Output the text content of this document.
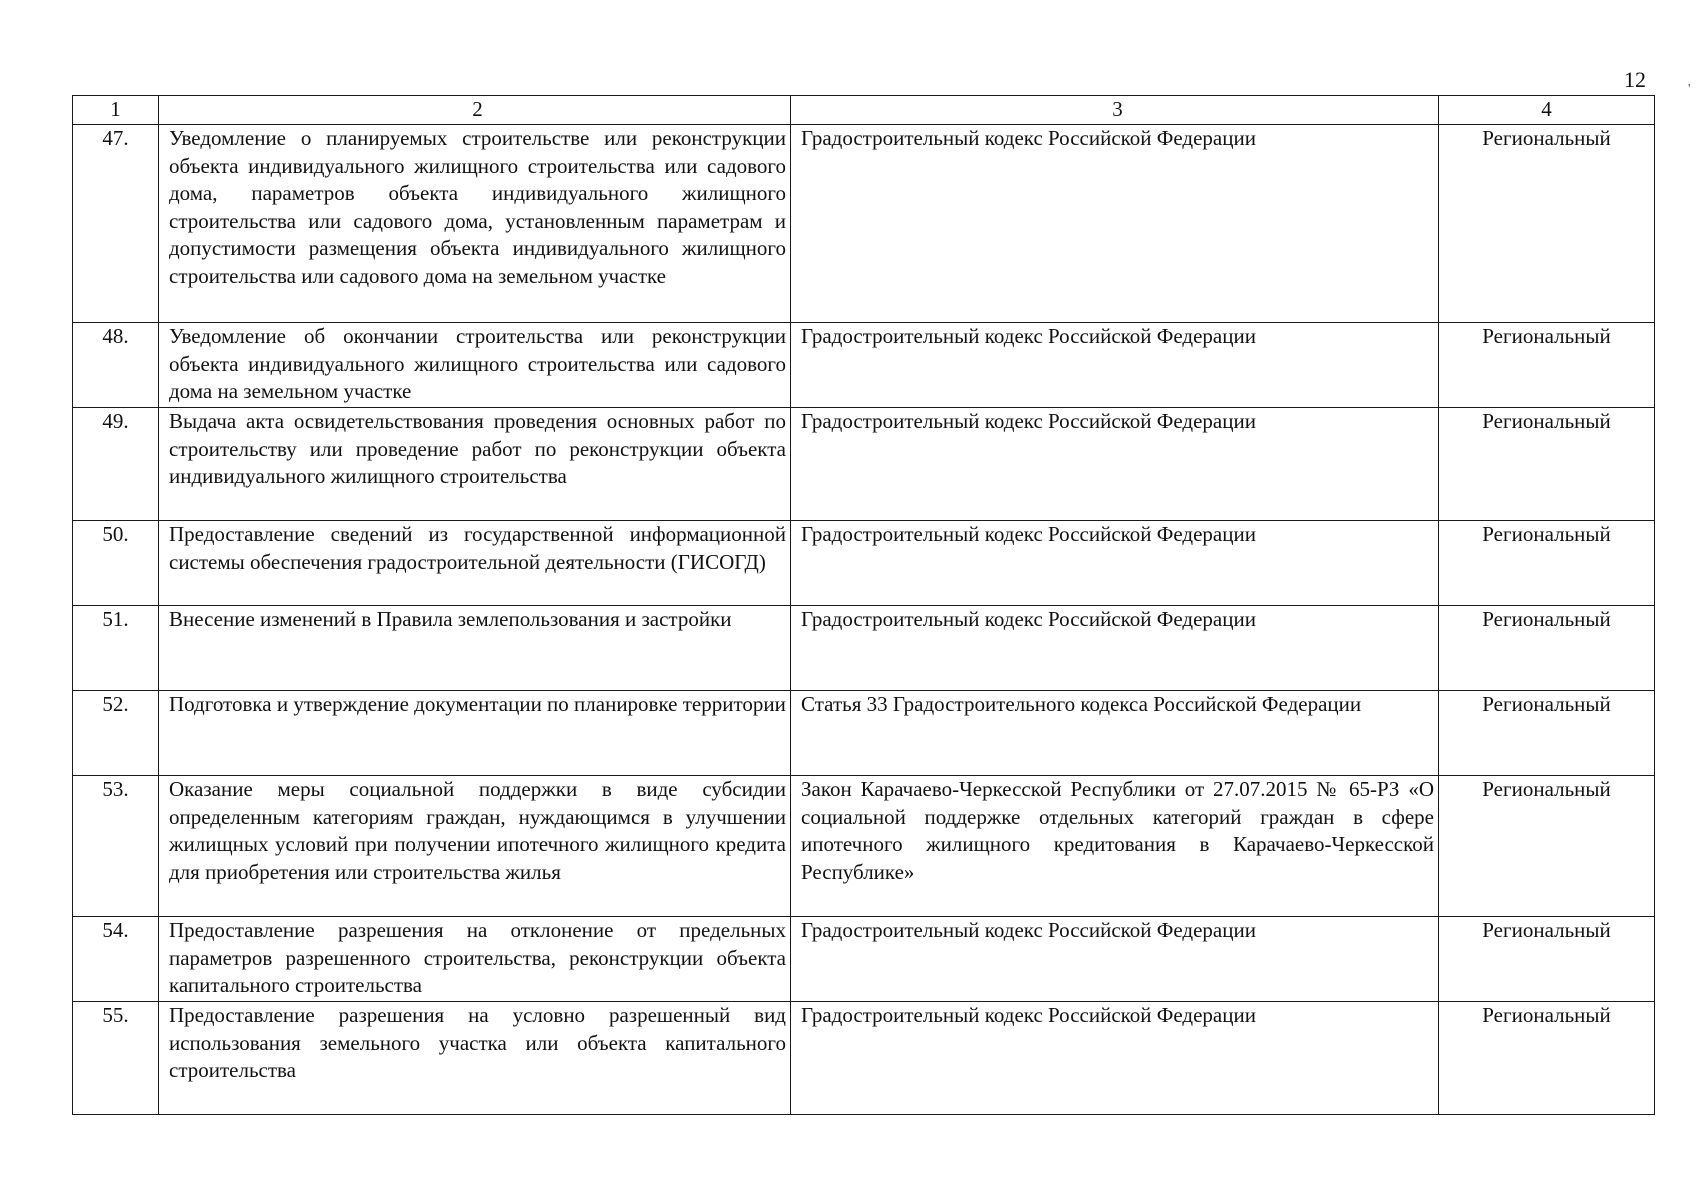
12	'
1	2	3	4
47.	Уведомление о планируемых строительстве или реконструкции объекта индивидуального жилищного строительства или садового дома, параметров объекта индивидуального жилищного строительства или садового дома, установленным параметрам и допустимости размещения объекта индивидуального жилищного строительства или садового дома на земельном участке	Градостроительный кодекс Российской Федерации	Региональный
48.	Уведомление об окончании строительства или реконструкции объекта индивидуального жилищного строительства или садового дома на земельном участке	Градостроительный кодекс Российской Федерации	Региональный
49.	Выдача акта освидетельствования проведения основных работ по строительству или проведение работ по реконструкции объекта индивидуального жилищного строительства	Градостроительный кодекс Российской Федерации	Региональный
50.	Предоставление сведений из государственной информационной системы обеспечения градостроительной деятельности (ГИСОГД)	Градостроительный кодекс Российской Федерации	Региональный
51.	Внесение изменений в Правила землепользования и застройки	Градостроительный кодекс Российской Федерации	Региональный
52.	Подготовка и утверждение документации по планировке территории	Статья 33 Градостроительного кодекса Российской Федерации	Региональный
53.	Оказание меры социальной поддержки в виде субсидии определенным категориям граждан, нуждающимся в улучшении жилищных условий при получении ипотечного жилищного кредита для приобретения или строительства жилья	Закон Карачаево-Черкесской Республики от 27.07.2015 № 65-РЗ «О социальной поддержке отдельных категорий граждан в сфере ипотечного жилищного кредитования в Карачаево-Черкесской Республике»	Региональный
54.	Предоставление разрешения на отклонение от предельных параметров разрешенного строительства, реконструкции объекта капитального строительства	Градостроительный кодекс Российской Федерации	Региональный
55.	Предоставление разрешения на условно разрешенный вид использования земельного участка или объекта капитального строительства	Градостроительный кодекс Российской Федерации	Региональный
